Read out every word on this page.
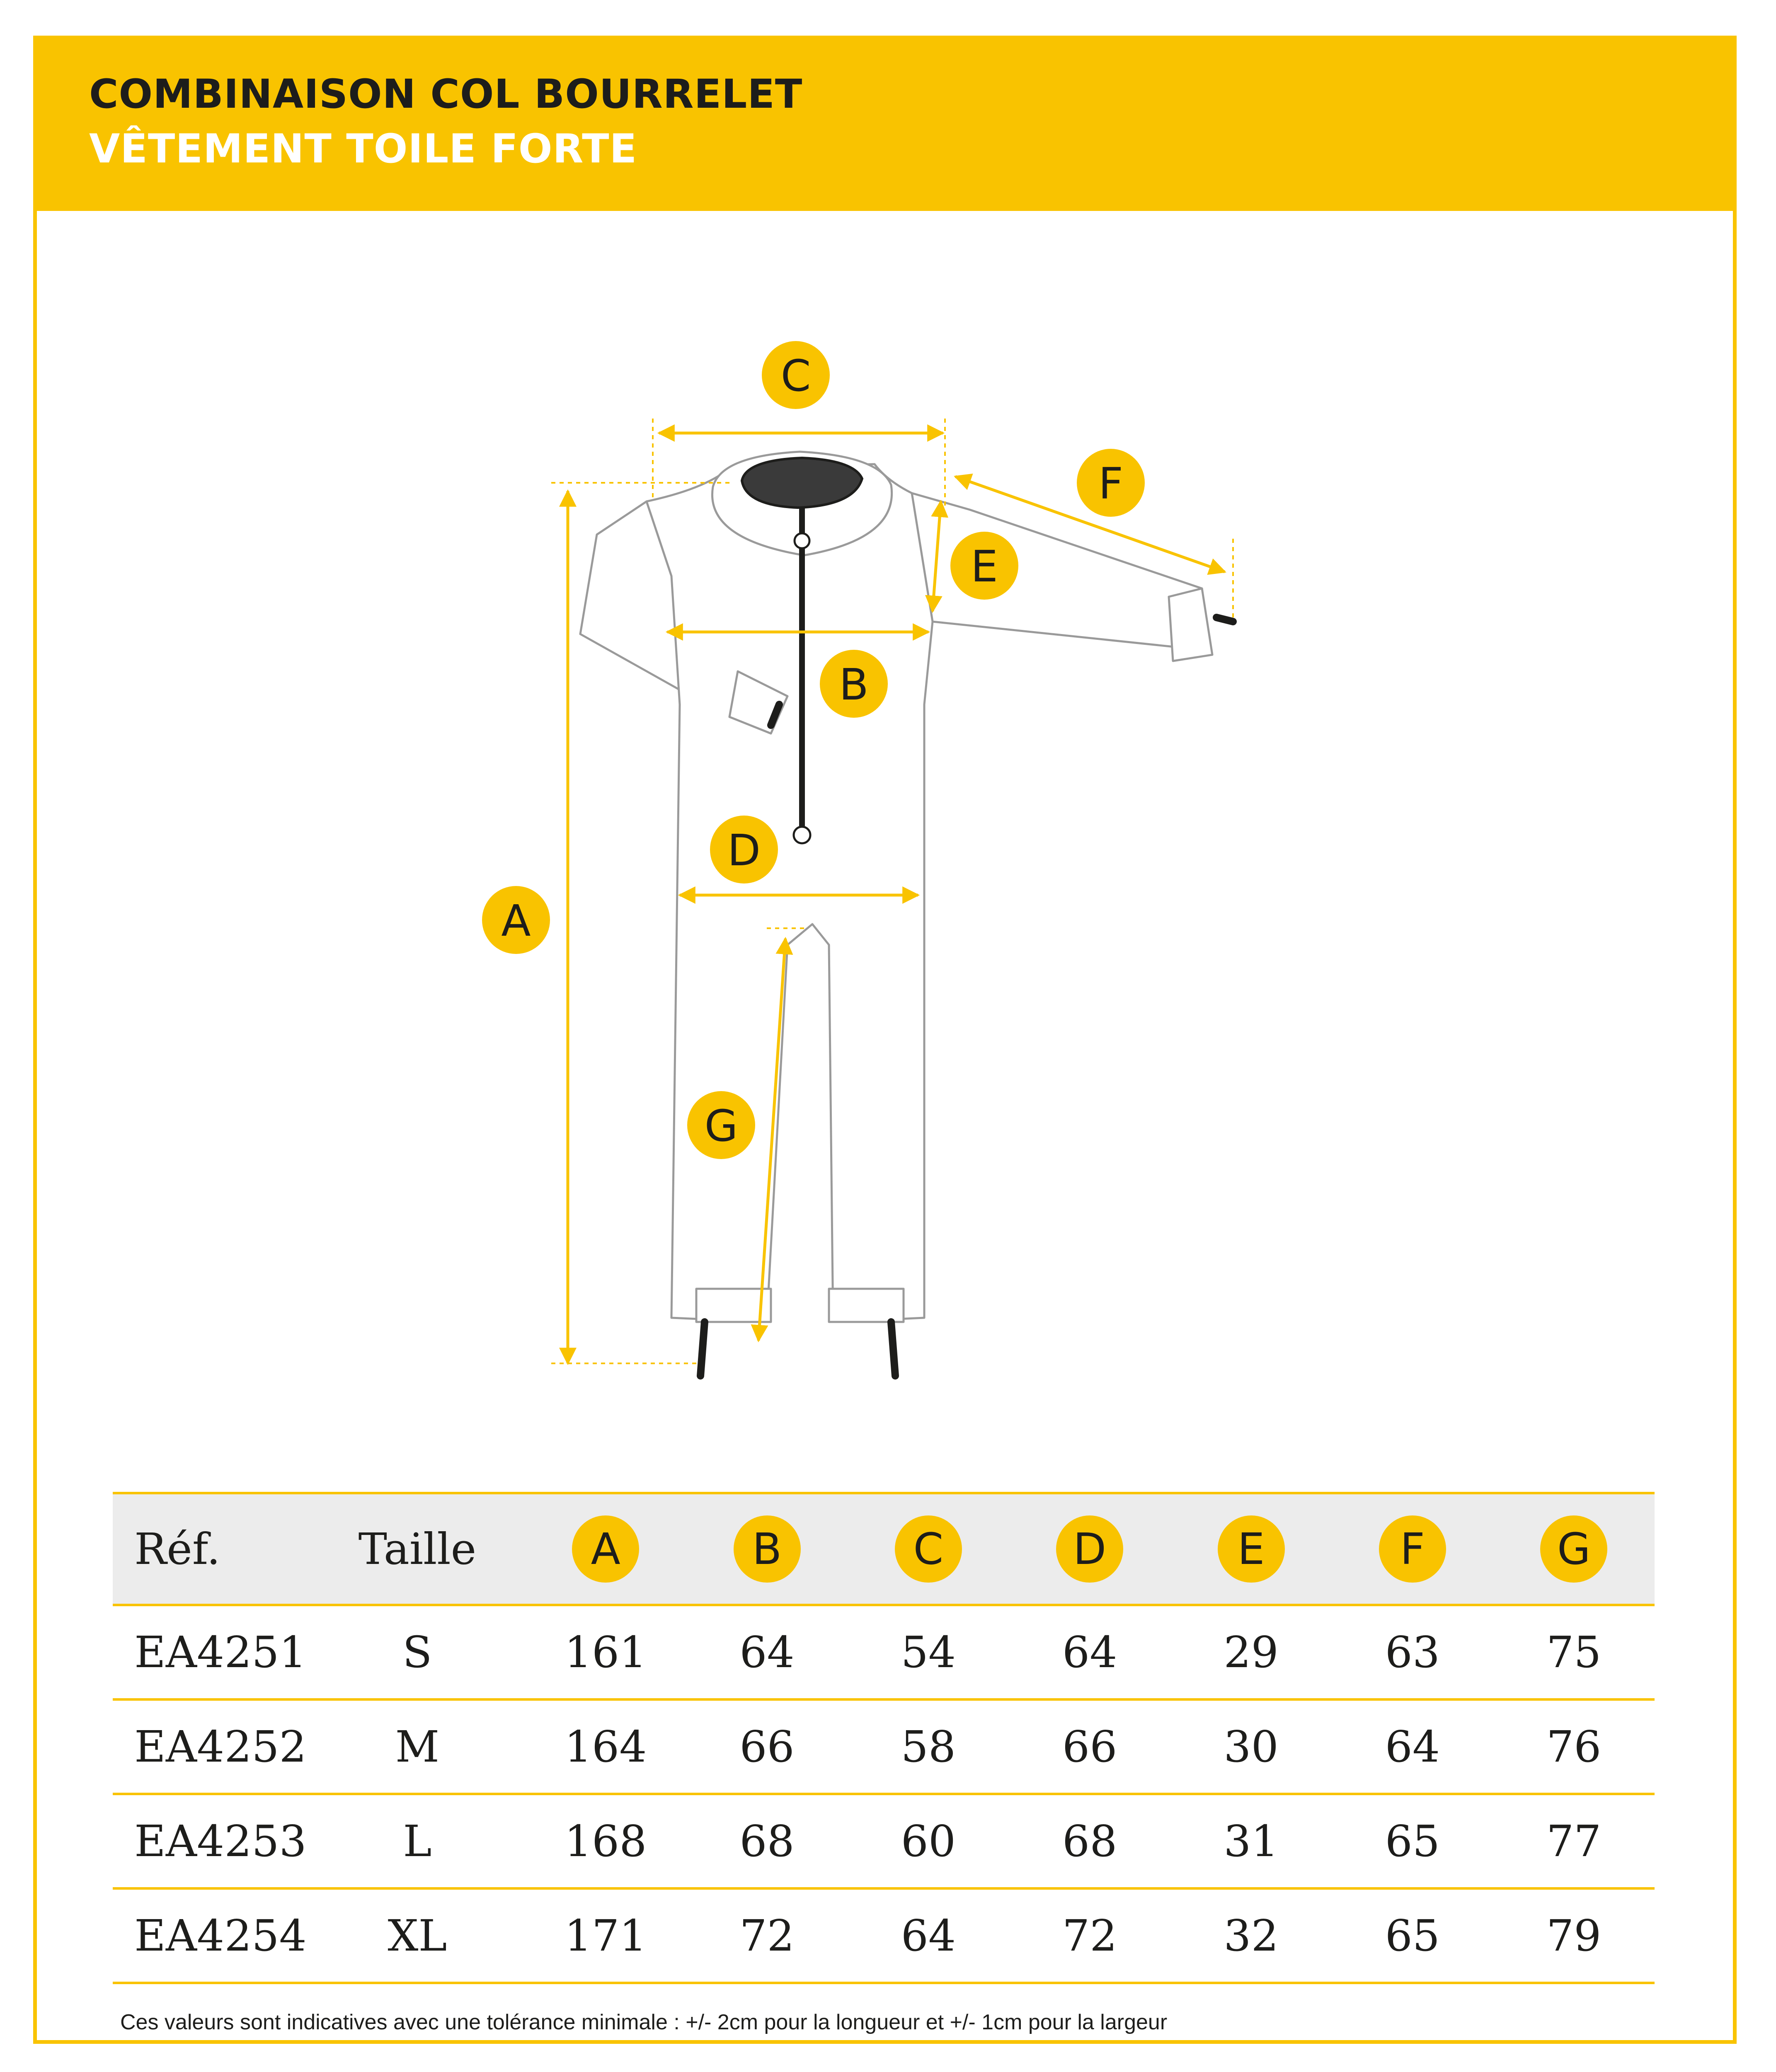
COMBINAISON COL BOURRELET
VÊTEMENT TOILE FORTE
A
B
C
D
E
F
G
Réf.	Taille	A	B	C	D	E	F	G
EA4251	S	161	64	54	64	29	63	75
EA4252	M	164	66	58	66	30	64	76
EA4253	L	168	68	60	68	31	65	77
EA4254	XL	171	72	64	72	32	65	79

Ces valeurs sont indicatives avec une tolérance minimale : +/- 2cm pour la longueur et +/- 1cm pour la largeur
